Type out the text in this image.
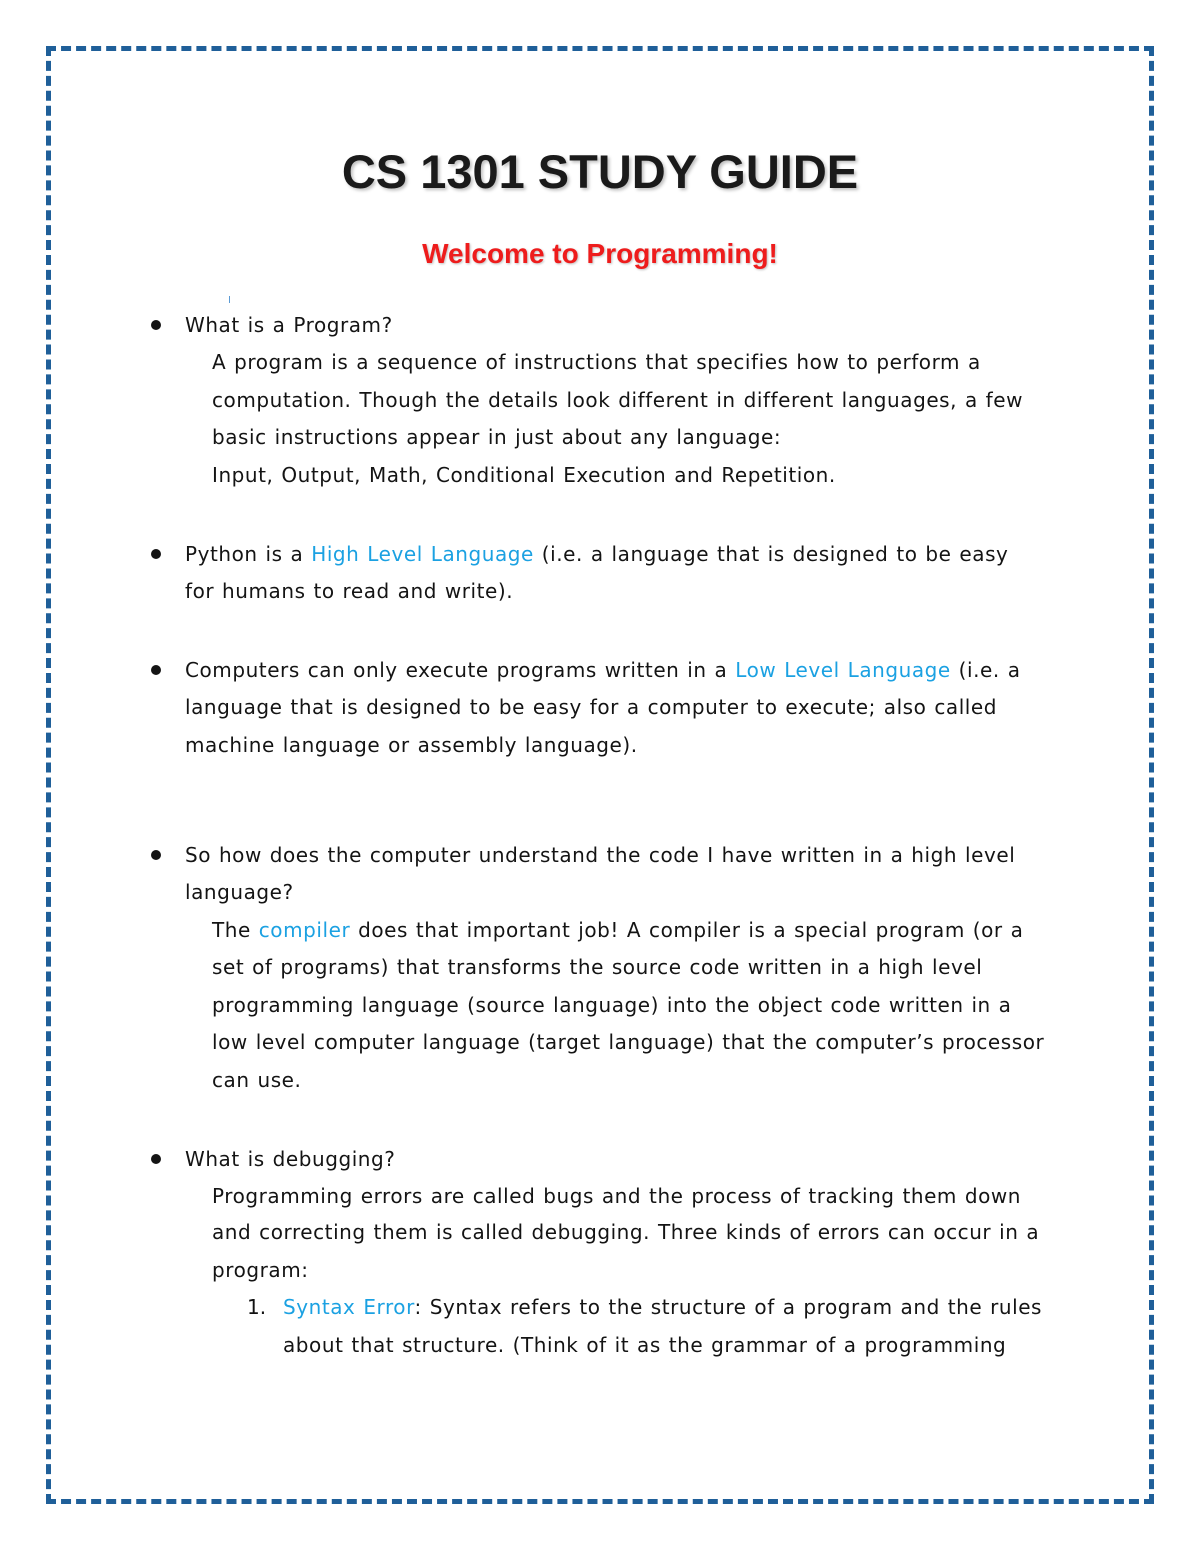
CS 1301 STUDY GUIDE
Welcome to Programming!
What is a Program?
A program is a sequence of instructions that specifies how to perform a
computation. Though the details look different in different languages, a few
basic instructions appear in just about any language:
Input, Output, Math, Conditional Execution and Repetition.
Python is a High Level Language (i.e. a language that is designed to be easy
for humans to read and write).
Computers can only execute programs written in a Low Level Language (i.e. a
language that is designed to be easy for a computer to execute; also called
machine language or assembly language).
So how does the computer understand the code I have written in a high level
language?
The compiler does that important job! A compiler is a special program (or a
set of programs) that transforms the source code written in a high level
programming language (source language) into the object code written in a
low level computer language (target language) that the computer’s processor
can use.
What is debugging?
Programming errors are called bugs and the process of tracking them down
and correcting them is called debugging. Three kinds of errors can occur in a
program:
1. Syntax Error: Syntax refers to the structure of a program and the rules
about that structure. (Think of it as the grammar of a programming
